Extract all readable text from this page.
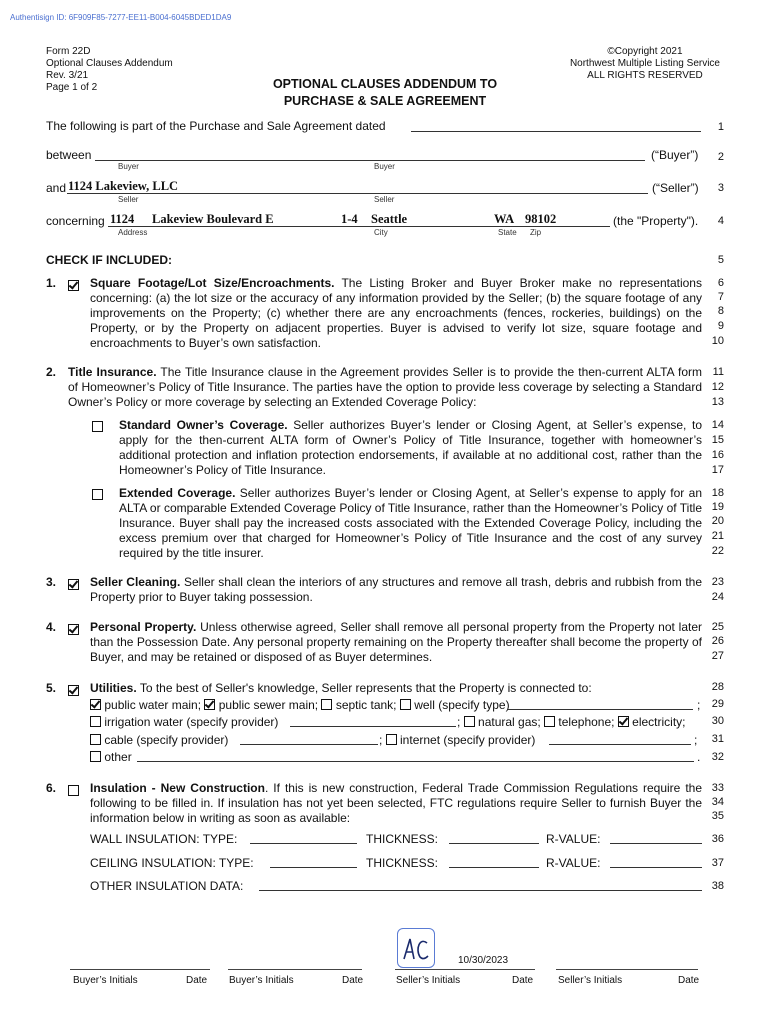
Authentisign ID: 6F909F85-7277-EE11-B004-6045BDED1DA9
Form 22D
Optional Clauses Addendum
Rev. 3/21
Page 1 of 2
©Copyright 2021
Northwest Multiple Listing Service
ALL RIGHTS RESERVED
OPTIONAL CLAUSES ADDENDUM TO
PURCHASE & SALE AGREEMENT
1
2
3
4
5
6
7
8
9
10
11
12
13
14
15
16
17
18
19
20
21
22
23
24
25
26
27
28
29
30
31
32
33
34
35
36
37
38
The following is part of the Purchase and Sale Agreement dated
between	(“Buyer”)
Buyer	Buyer
and 1124 Lakeview, LLC	(“Seller”)
Seller	Seller
concerning 1124 Lakeview Boulevard E	1-4 Seattle	WA 98102	(the "Property").
Address	City	State Zip
CHECK IF INCLUDED:
1.	Square Footage/Lot Size/Encroachments. The Listing Broker and Buyer Broker make no representations concerning: (a) the lot size or the accuracy of any information provided by the Seller; (b) the square footage of any improvements on the Property; (c) whether there are any encroachments (fences, rockeries, buildings) on the Property, or by the Property on adjacent properties. Buyer is advised to verify lot size, square footage and encroachments to Buyer’s own satisfaction.
2. Title Insurance. The Title Insurance clause in the Agreement provides Seller is to provide the then-current ALTA form of Homeowner’s Policy of Title Insurance. The parties have the option to provide less coverage by selecting a Standard Owner’s Policy or more coverage by selecting an Extended Coverage Policy:
Standard Owner’s Coverage. Seller authorizes Buyer’s lender or Closing Agent, at Seller’s expense, to apply for the then-current ALTA form of Owner’s Policy of Title Insurance, together with homeowner’s additional protection and inflation protection endorsements, if available at no additional cost, rather than the Homeowner’s Policy of Title Insurance.
Extended Coverage. Seller authorizes Buyer’s lender or Closing Agent, at Seller’s expense to apply for an ALTA or comparable Extended Coverage Policy of Title Insurance, rather than the Homeowner’s Policy of Title Insurance. Buyer shall pay the increased costs associated with the Extended Coverage Policy, including the excess premium over that charged for Homeowner’s Policy of Title Insurance and the cost of any survey required by the title insurer.
3.	Seller Cleaning. Seller shall clean the interiors of any structures and remove all trash, debris and rubbish from the Property prior to Buyer taking possession.
4.	Personal Property. Unless otherwise agreed, Seller shall remove all personal property from the Property not later than the Possession Date. Any personal property remaining on the Property thereafter shall become the property of Buyer, and may be retained or disposed of as Buyer determines.
5.	Utilities. To the best of Seller's knowledge, Seller represents that the Property is connected to:
public water main; public sewer main; septic tank; well (specify type)	;
irrigation water (specify provider)	;  natural gas; telephone; electricity;
cable (specify provider)	;  internet (specify provider)	;
other	.
6.	Insulation - New Construction. If this is new construction, Federal Trade Commission Regulations require the following to be filled in. If insulation has not yet been selected, FTC regulations require Seller to furnish Buyer the information below in writing as soon as available:
WALL INSULATION: TYPE:	THICKNESS:	R-VALUE:
CEILING INSULATION: TYPE:	THICKNESS:	R-VALUE:
OTHER INSULATION DATA:
10/30/2023
Buyer’s Initials	Date Buyer’s Initials	Date	Seller’s Initials	Date Seller’s Initials	Date
